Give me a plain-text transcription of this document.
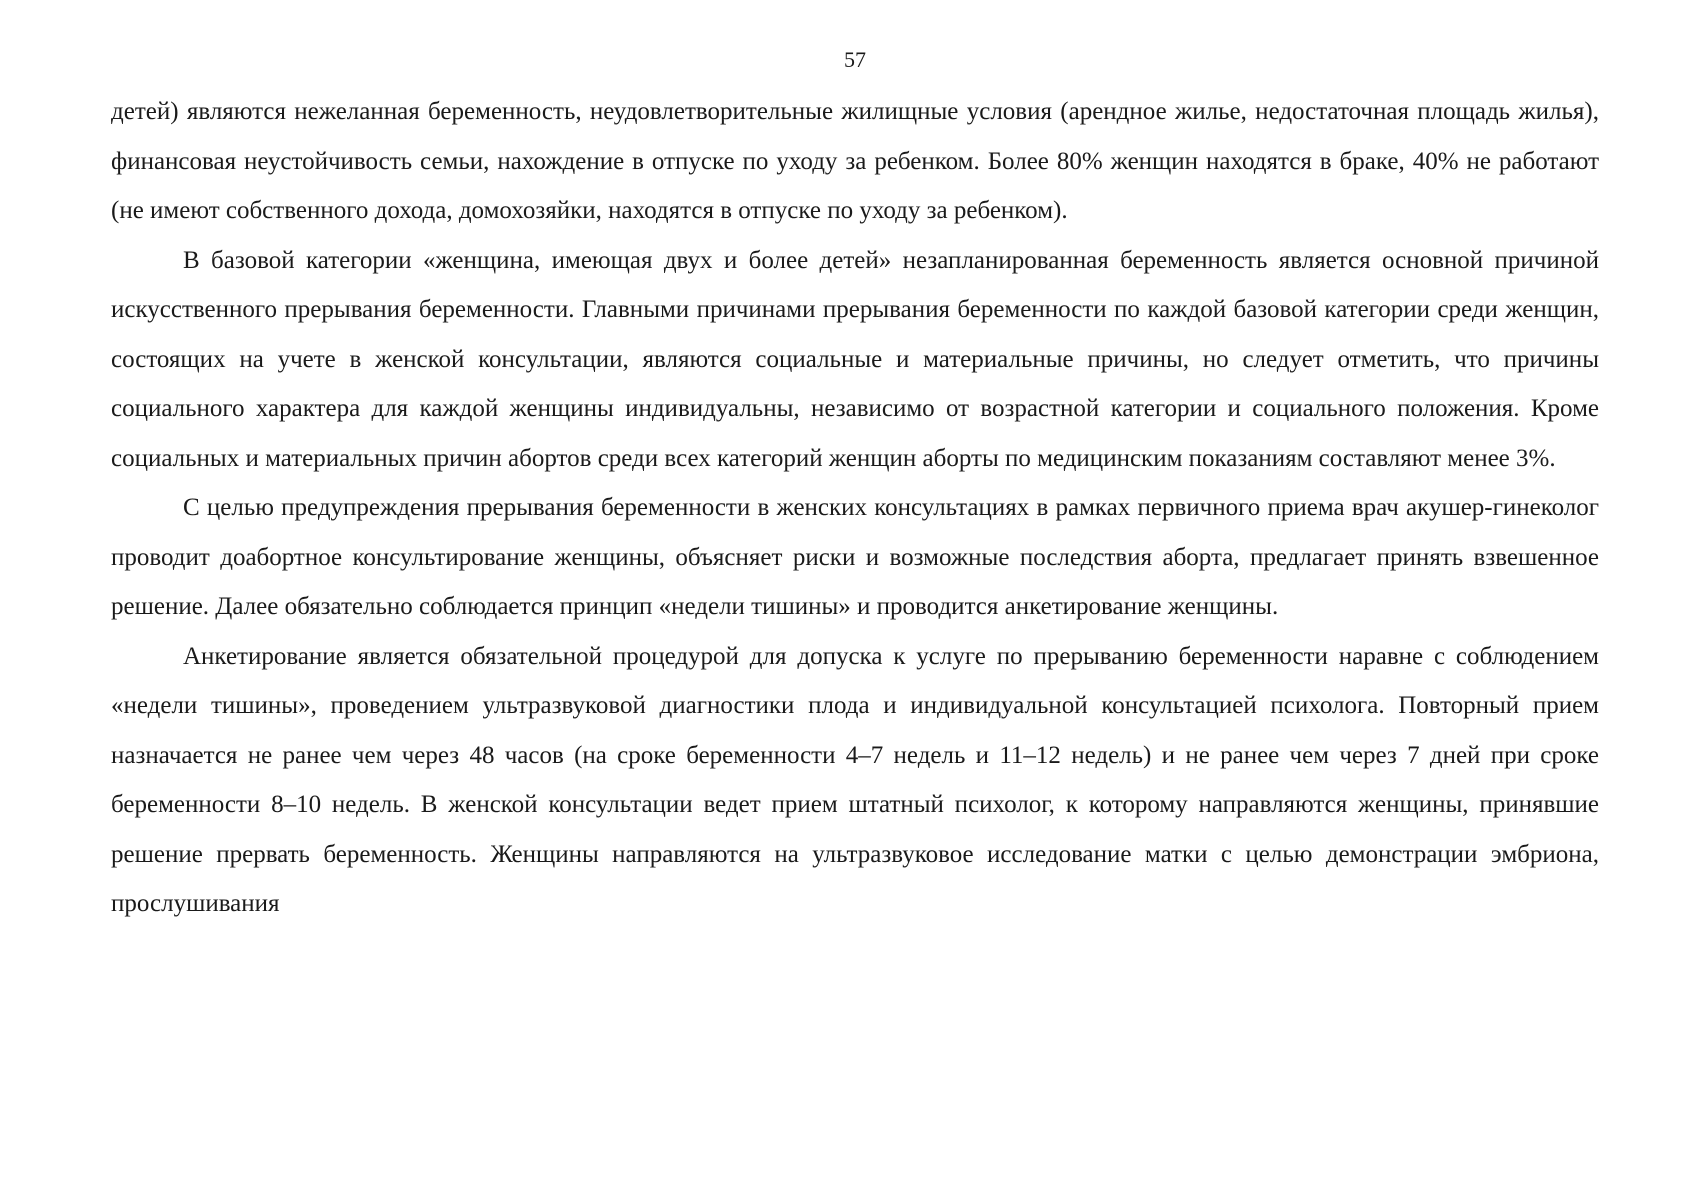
57

детей) являются нежеланная беременность, неудовлетворительные жилищные условия (арендное жилье, недостаточная площадь жилья), финансовая неустойчивость семьи, нахождение в отпуске по уходу за ребенком. Более 80% женщин находятся в браке, 40% не работают (не имеют собственного дохода, домохозяйки, находятся в отпуске по уходу за ребенком).

В базовой категории «женщина, имеющая двух и более детей» незапланированная беременность является основной причиной искусственного прерывания беременности. Главными причинами прерывания беременности по каждой базовой категории среди женщин, состоящих на учете в женской консультации, являются социальные и материальные причины, но следует отметить, что причины социального характера для каждой женщины индивидуальны, независимо от возрастной категории и социального положения. Кроме социальных и материальных причин абортов среди всех категорий женщин аборты по медицинским показаниям составляют менее 3%.

С целью предупреждения прерывания беременности в женских консультациях в рамках первичного приема врач акушер-гинеколог проводит доабортное консультирование женщины, объясняет риски и возможные последствия аборта, предлагает принять взвешенное решение. Далее обязательно соблюдается принцип «недели тишины» и проводится анкетирование женщины.

Анкетирование является обязательной процедурой для допуска к услуге по прерыванию беременности наравне с соблюдением «недели тишины», проведением ультразвуковой диагностики плода и индивидуальной консультацией психолога. Повторный прием назначается не ранее чем через 48 часов (на сроке беременности 4–7 недель и 11–12 недель) и не ранее чем через 7 дней при сроке беременности 8–10 недель. В женской консультации ведет прием штатный психолог, к которому направляются женщины, принявшие решение прервать беременность. Женщины направляются на ультразвуковое исследование матки с целью демонстрации эмбриона, прослушивания
